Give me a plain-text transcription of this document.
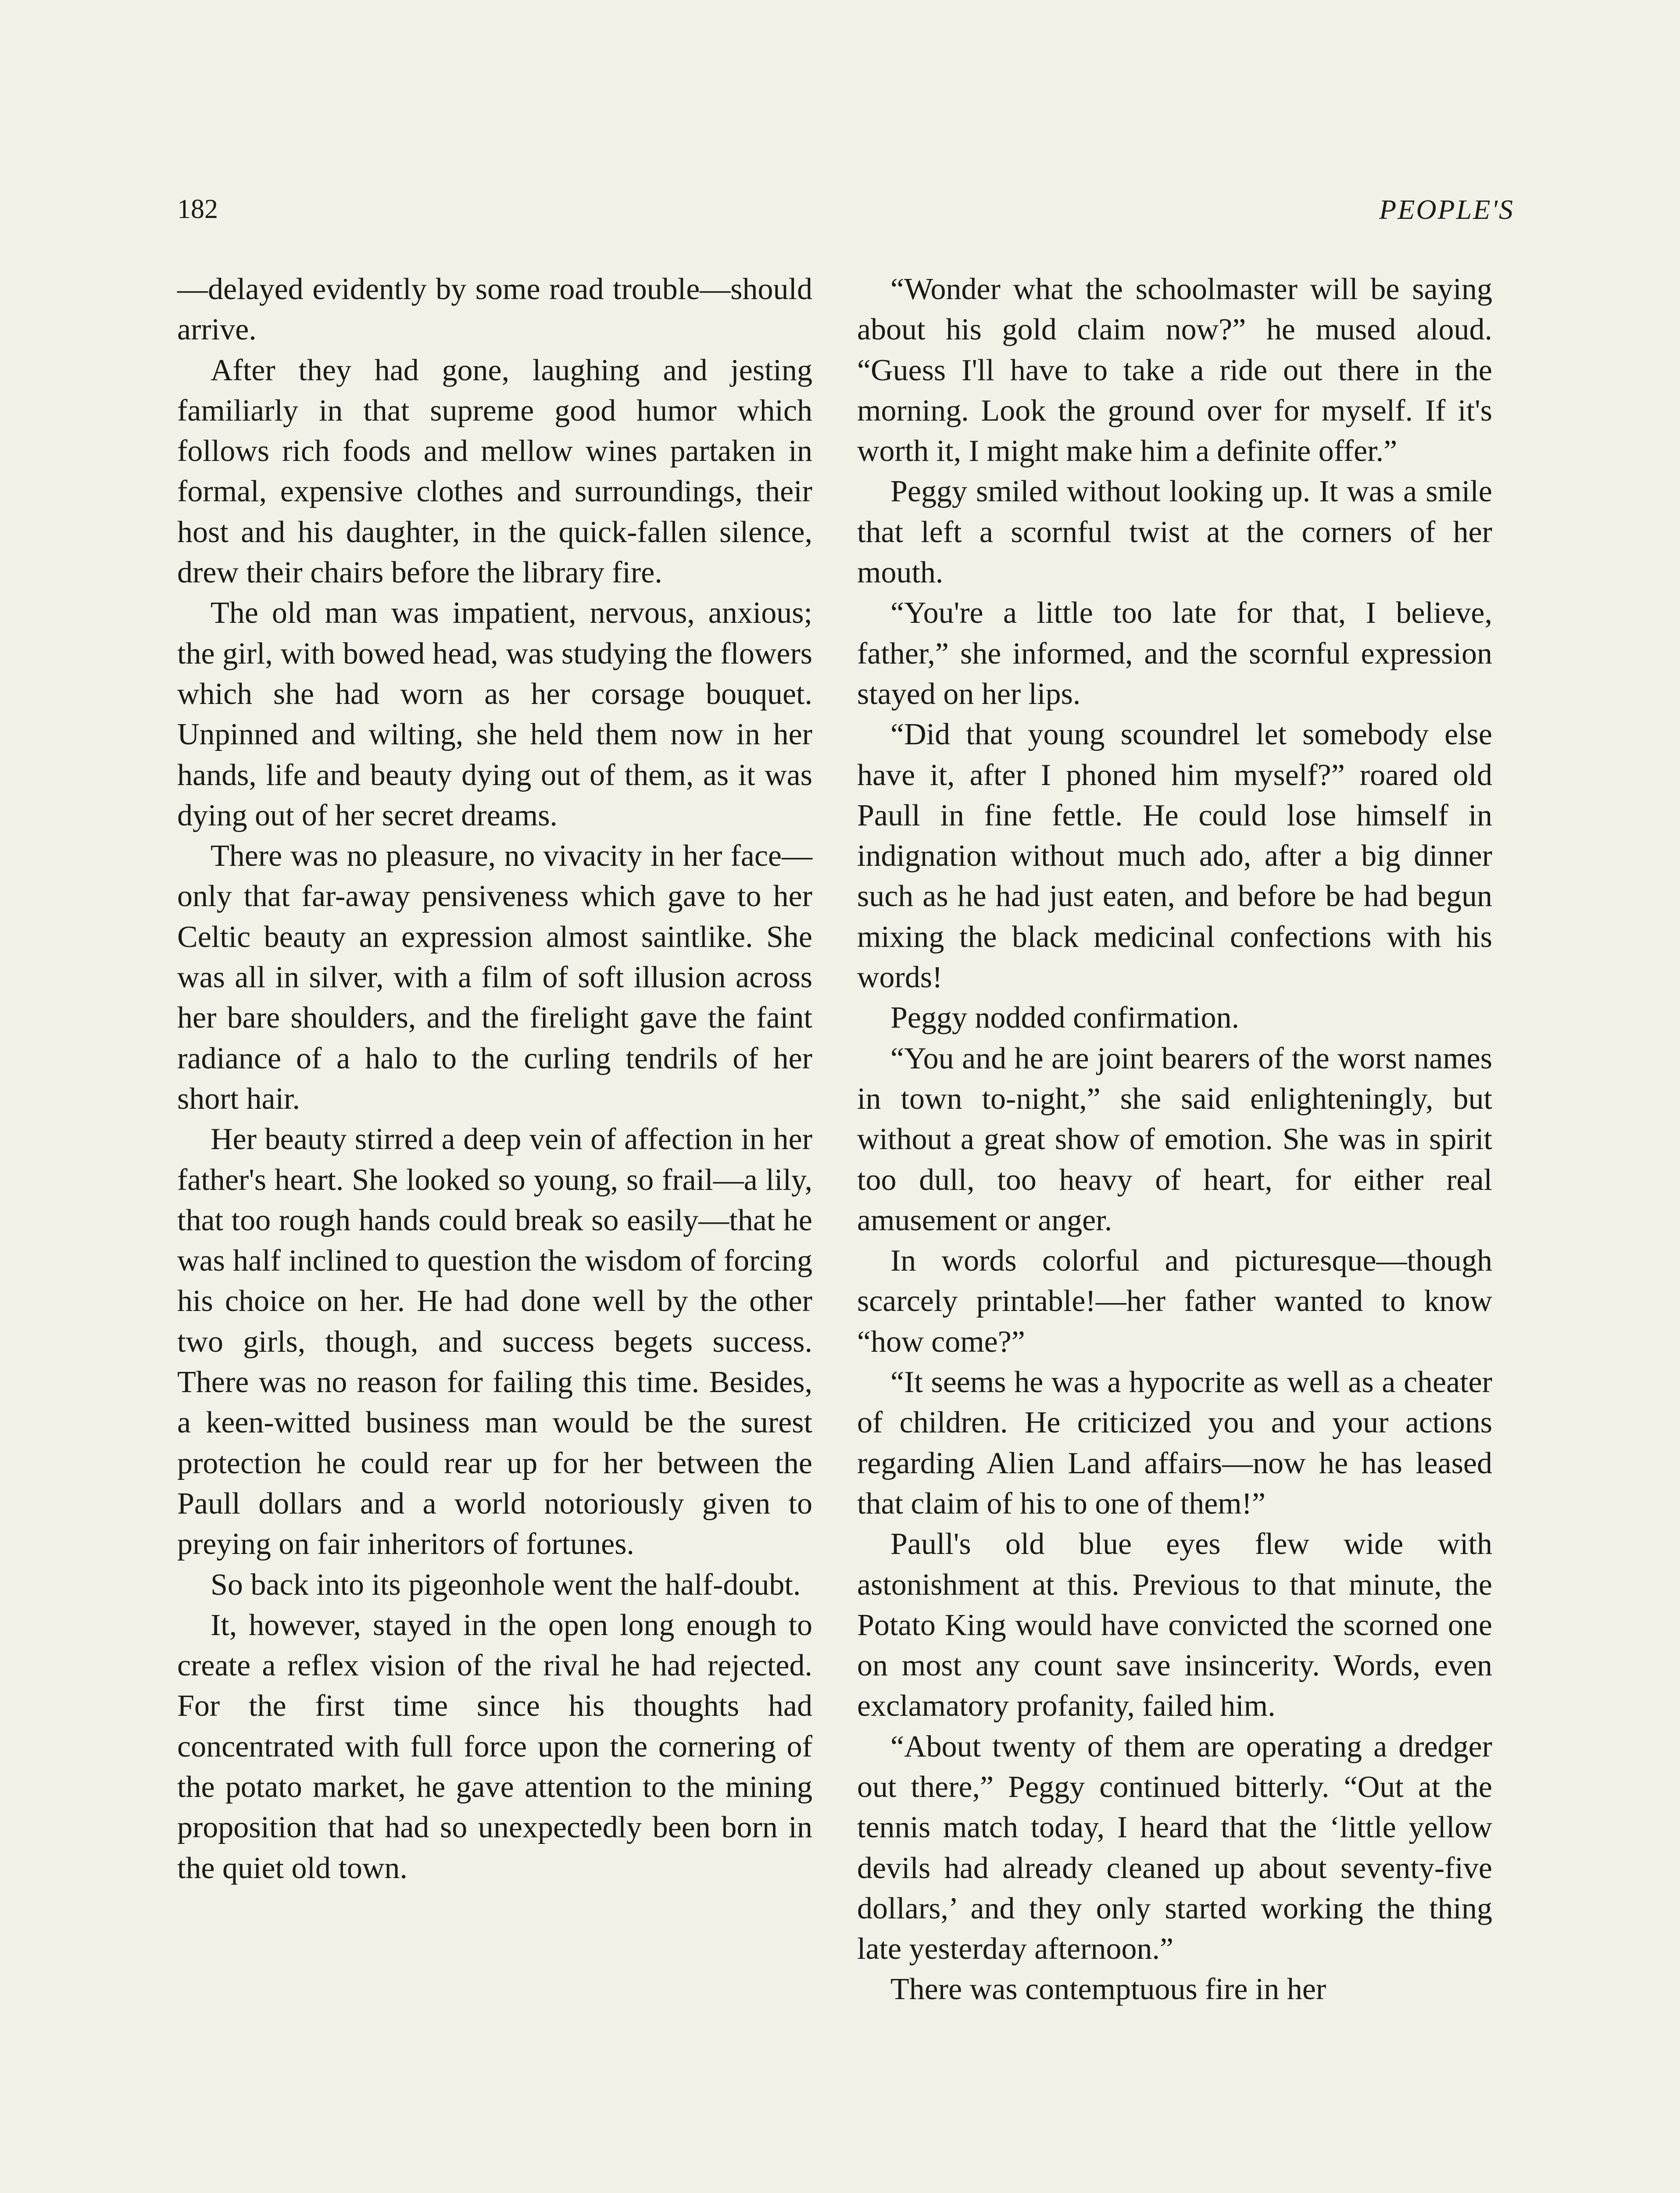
182	PEOPLE'S

—delayed evidently by some road trouble—should arrive.

After they had gone, laughing and jesting familiarly in that supreme good humor which follows rich foods and mellow wines partaken in formal, expensive clothes and surroundings, their host and his daughter, in the quick-fallen silence, drew their chairs before the library fire.

The old man was impatient, nervous, anxious; the girl, with bowed head, was studying the flowers which she had worn as her corsage bouquet. Unpinned and wilting, she held them now in her hands, life and beauty dying out of them, as it was dying out of her secret dreams.

There was no pleasure, no vivacity in her face—only that far-away pensiveness which gave to her Celtic beauty an expression almost saintlike. She was all in silver, with a film of soft illusion across her bare shoulders, and the firelight gave the faint radiance of a halo to the curling tendrils of her short hair.

Her beauty stirred a deep vein of affection in her father's heart. She looked so young, so frail—a lily, that too rough hands could break so easily—that he was half inclined to question the wisdom of forcing his choice on her. He had done well by the other two girls, though, and success begets success. There was no reason for failing this time. Besides, a keen-witted business man would be the surest protection he could rear up for her between the Paull dollars and a world notoriously given to preying on fair inheritors of fortunes.

So back into its pigeonhole went the half-doubt.

It, however, stayed in the open long enough to create a reflex vision of the rival he had rejected. For the first time since his thoughts had concentrated with full force upon the cornering of the potato market, he gave attention to the mining proposition that had so unexpectedly been born in the quiet old town.

“Wonder what the schoolmaster will be saying about his gold claim now?” he mused aloud. “Guess I'll have to take a ride out there in the morning. Look the ground over for myself. If it's worth it, I might make him a definite offer.”

Peggy smiled without looking up. It was a smile that left a scornful twist at the corners of her mouth.

“You're a little too late for that, I believe, father,” she informed, and the scornful expression stayed on her lips.

“Did that young scoundrel let somebody else have it, after I phoned him myself?” roared old Paull in fine fettle. He could lose himself in indignation without much ado, after a big dinner such as he had just eaten, and before be had begun mixing the black medicinal confections with his words!

Peggy nodded confirmation.

“You and he are joint bearers of the worst names in town to-night,” she said enlighteningly, but without a great show of emotion. She was in spirit too dull, too heavy of heart, for either real amusement or anger.

In words colorful and picturesque—though scarcely printable!—her father wanted to know “how come?”

“It seems he was a hypocrite as well as a cheater of children. He criticized you and your actions regarding Alien Land affairs—now he has leased that claim of his to one of them!”

Paull's old blue eyes flew wide with astonishment at this. Previous to that minute, the Potato King would have convicted the scorned one on most any count save insincerity. Words, even exclamatory profanity, failed him.

“About twenty of them are operating a dredger out there,” Peggy continued bitterly. “Out at the tennis match today, I heard that the ‘little yellow devils had already cleaned up about seventy-five dollars,’ and they only started working the thing late yesterday afternoon.”

There was contemptuous fire in her
